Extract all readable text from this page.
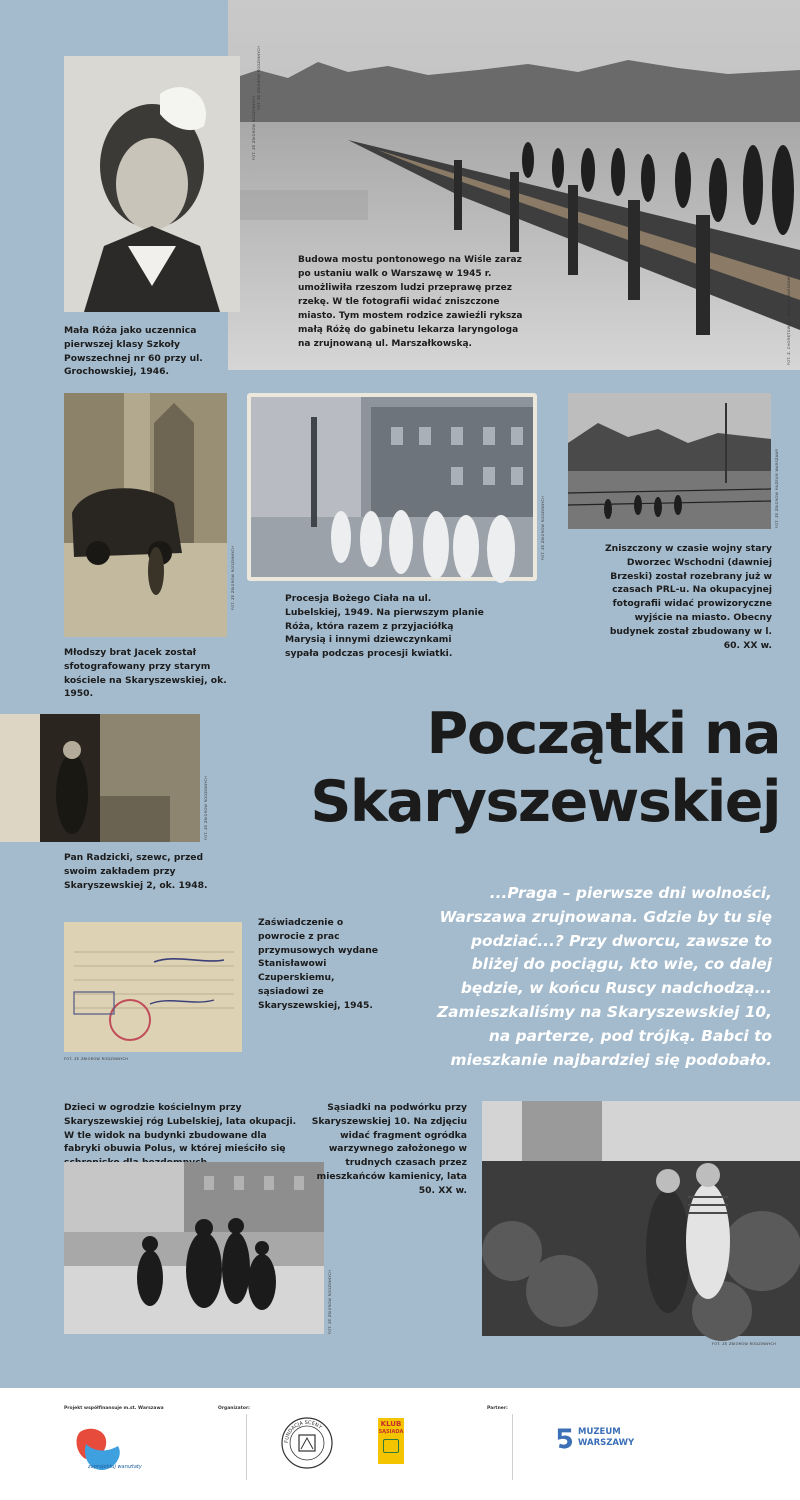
FOT. ZE ZBIORÓW RODZINNYCH
FOT. Z. CHOMĘTOWSKI, MUZEUM WARSZAWY
Budowa mostu pontonowego na Wiśle zaraz po ustaniu walk o Warszawę w 1945 r. umożliwiła rzeszom ludzi przeprawę przez rzekę. W tle fotografii widać zniszczone miasto. Tym mostem rodzice zawieźli ryksza małą Różę do gabinetu lekarza laryngologa na zrujnowaną ul. Marszałkowską.
FOT. ZE ZBIORÓW RODZINNYCH
Mała Róża jako uczennica pierwszej klasy Szkoły Powszechnej nr 60 przy ul. Grochowskiej, 1946.
FOT. ZE ZBIORÓW RODZINNYCH
Młodszy brat Jacek został sfotografowany przy starym kościele na Skaryszewskiej, ok. 1950.
FOT. ZE ZBIORÓW RODZINNYCH
Procesja Bożego Ciała na ul. Lubelskiej, 1949. Na pierwszym planie Róża, która razem z przyjaciółką Marysią i innymi dziewczynkami sypała podczas procesji kwiatki.
FOT. ZE ZBIORÓW MUZEUM WARSZAWY
Zniszczony w czasie wojny stary Dworzec Wschodni (dawniej Brzeski) został rozebrany już w czasach PRL-u. Na okupacyjnej fotografii widać prowizoryczne wyjście na miasto. Obecny budynek został zbudowany w l. 60. XX w.
FOT. ZE ZBIORÓW RODZINNYCH
Pan Radzicki, szewc, przed swoim zakładem przy Skaryszewskiej 2, ok. 1948.
FOT. ZE ZBIORÓW RODZINNYCH
Zaświadczenie o powrocie z prac przymusowych wydane Stanisławowi Czuperskiemu, sąsiadowi ze Skaryszewskiej, 1945.
Początki na
Skaryszewskiej
...Praga – pierwsze dni wolności, Warszawa zrujnowana. Gdzie by tu się podziać...? Przy dworcu, zawsze to bliżej do pociągu, kto wie, co dalej będzie, w końcu Ruscy nadchodzą... Zamieszkaliśmy na Skaryszewskiej 10, na parterze, pod trójką. Babci to mieszkanie najbardziej się podobało.
Dzieci w ogrodzie kościelnym przy Skaryszewskiej róg Lubelskiej, lata okupacji. W tle widok na budynki zbudowane dla fabryki obuwia Polus, w której mieściło się
FOT. ZE ZBIORÓW RODZINNYCH
Sąsiadki na podwórku przy Skaryszewskiej 10. Na zdjęciu widać fragment ogródka warzywnego założonego w trudnych czasach przez mieszkańców kamienicy, lata 50. XX w.
FOT. ZE ZBIORÓW RODZINNYCH
Projekt współfinansuje m.st. Warszawa	Organizator:	Partner:
zaprojektuj warsztaty
FUNDACJA SCENY	KLUB
SĄSIADA	MUZEUM
WARSZAWY
